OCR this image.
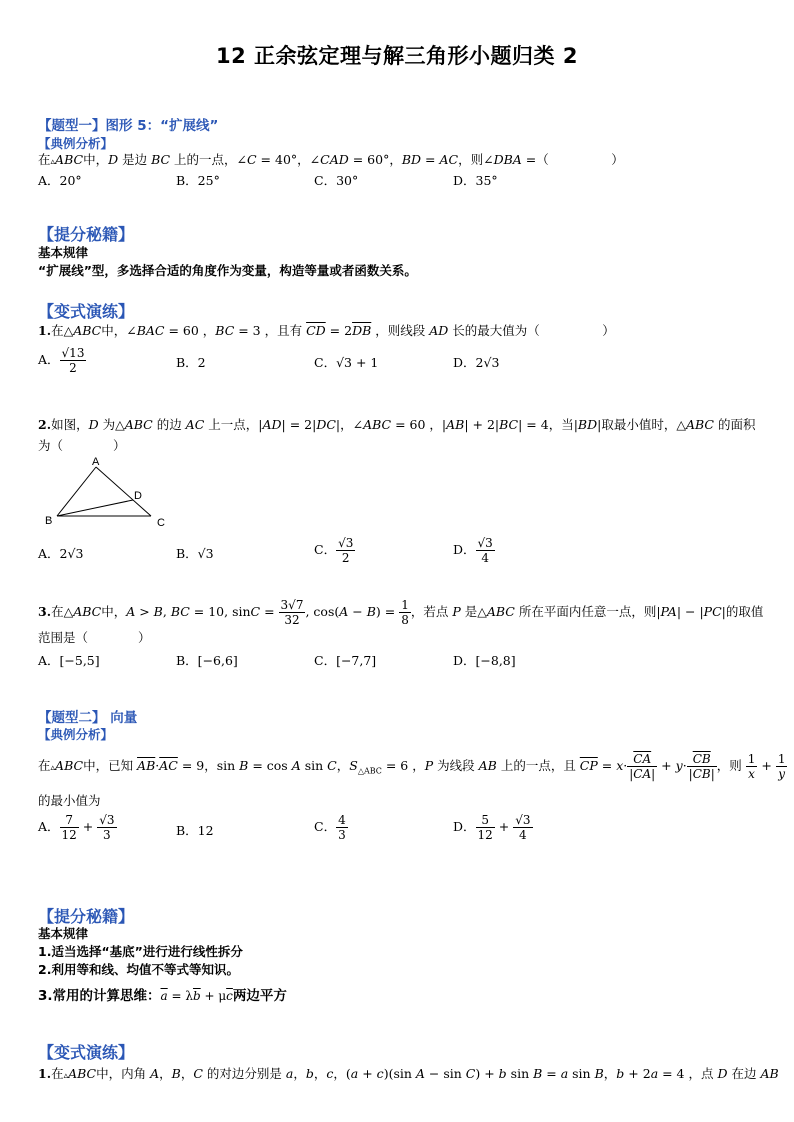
12 正余弦定理与解三角形小题归类 2
【题型一】图形 5：“扩展线”
【典例分析】
在▵ABC中，D 是边 BC 上的一点，∠C = 40°，∠CAD = 60°，BD = AC，则∠DBA =（　　　　　）
A．20°	B．25°	C．30°	D．35°
【提分秘籍】
基本规律
“扩展线”型，多选择合适的角度作为变量，构造等量或者函数关系。
【变式演练】
1.在△ABC中，∠BAC = 60 ，BC = 3 ，且有 $\overline{CD} = 2\overline{DB}$ ，则线段 AD 长的最大值为（　　　　　）
A． $\frac{√13}{2}$	B．2	C．√3 + 1	D．2√3
2.如图，D 为△ABC 的边 AC 上一点，|AD| = 2|DC|，∠ABC = 60 ，|AB| + 2|BC| = 4，当|BD|取最小值时，△ABC 的面积
为（　　　　）
A
B	C
D
A．2√3	B．√3	C． $\frac{√3}{2}$	D． $\frac{√3}{4}$
3.在△ABC中，A > B, BC = 10, $\sin C = \frac{3√7}{32}$ , $\cos(A - B) = \frac{1}{8}$ ，若点 P 是△ABC 所在平面内任意一点，则|PA| − |PC|的取值
范围是（　　　　）
A．[−5,5]	B．[−6,6]	C．[−7,7]	D．[−8,8]
【题型二】 向量
【典例分析】
在▵ABC中，已知 $\overline{AB}\cdot\overline{AC} = 9$，sin B = cos A sin C，$S_{\triangle ABC} = 6$ ，P 为线段 AB 上的一点，且 $\overline{CP} = x\cdot \frac{\overline{CA}}{|\overline{CA}|} + y\cdot \frac{\overline{CB}}{|\overline{CB}|}$ ，则 $\frac{1}{x} + \frac{1}{y}$
的最小值为
A． $\frac{7}{12} + \frac{√3}{3}$	B．12	C． $\frac{4}{3}$	D． $\frac{5}{12} + \frac{√3}{4}$
【提分秘籍】
基本规律
1.适当选择“基底”进行进行线性拆分
2.利用等和线、均值不等式等知识。
3.常用的计算思维：$\overline{a} = \lambda\overline{b} + \mu\overline{c}$两边平方
【变式演练】
1.在▵ABC中，内角 A，B，C 的对边分别是 a，b，c，(a + c)(sin A − sin C) + b sin B = a sin B，b + 2a = 4 ，点 D 在边 AB
